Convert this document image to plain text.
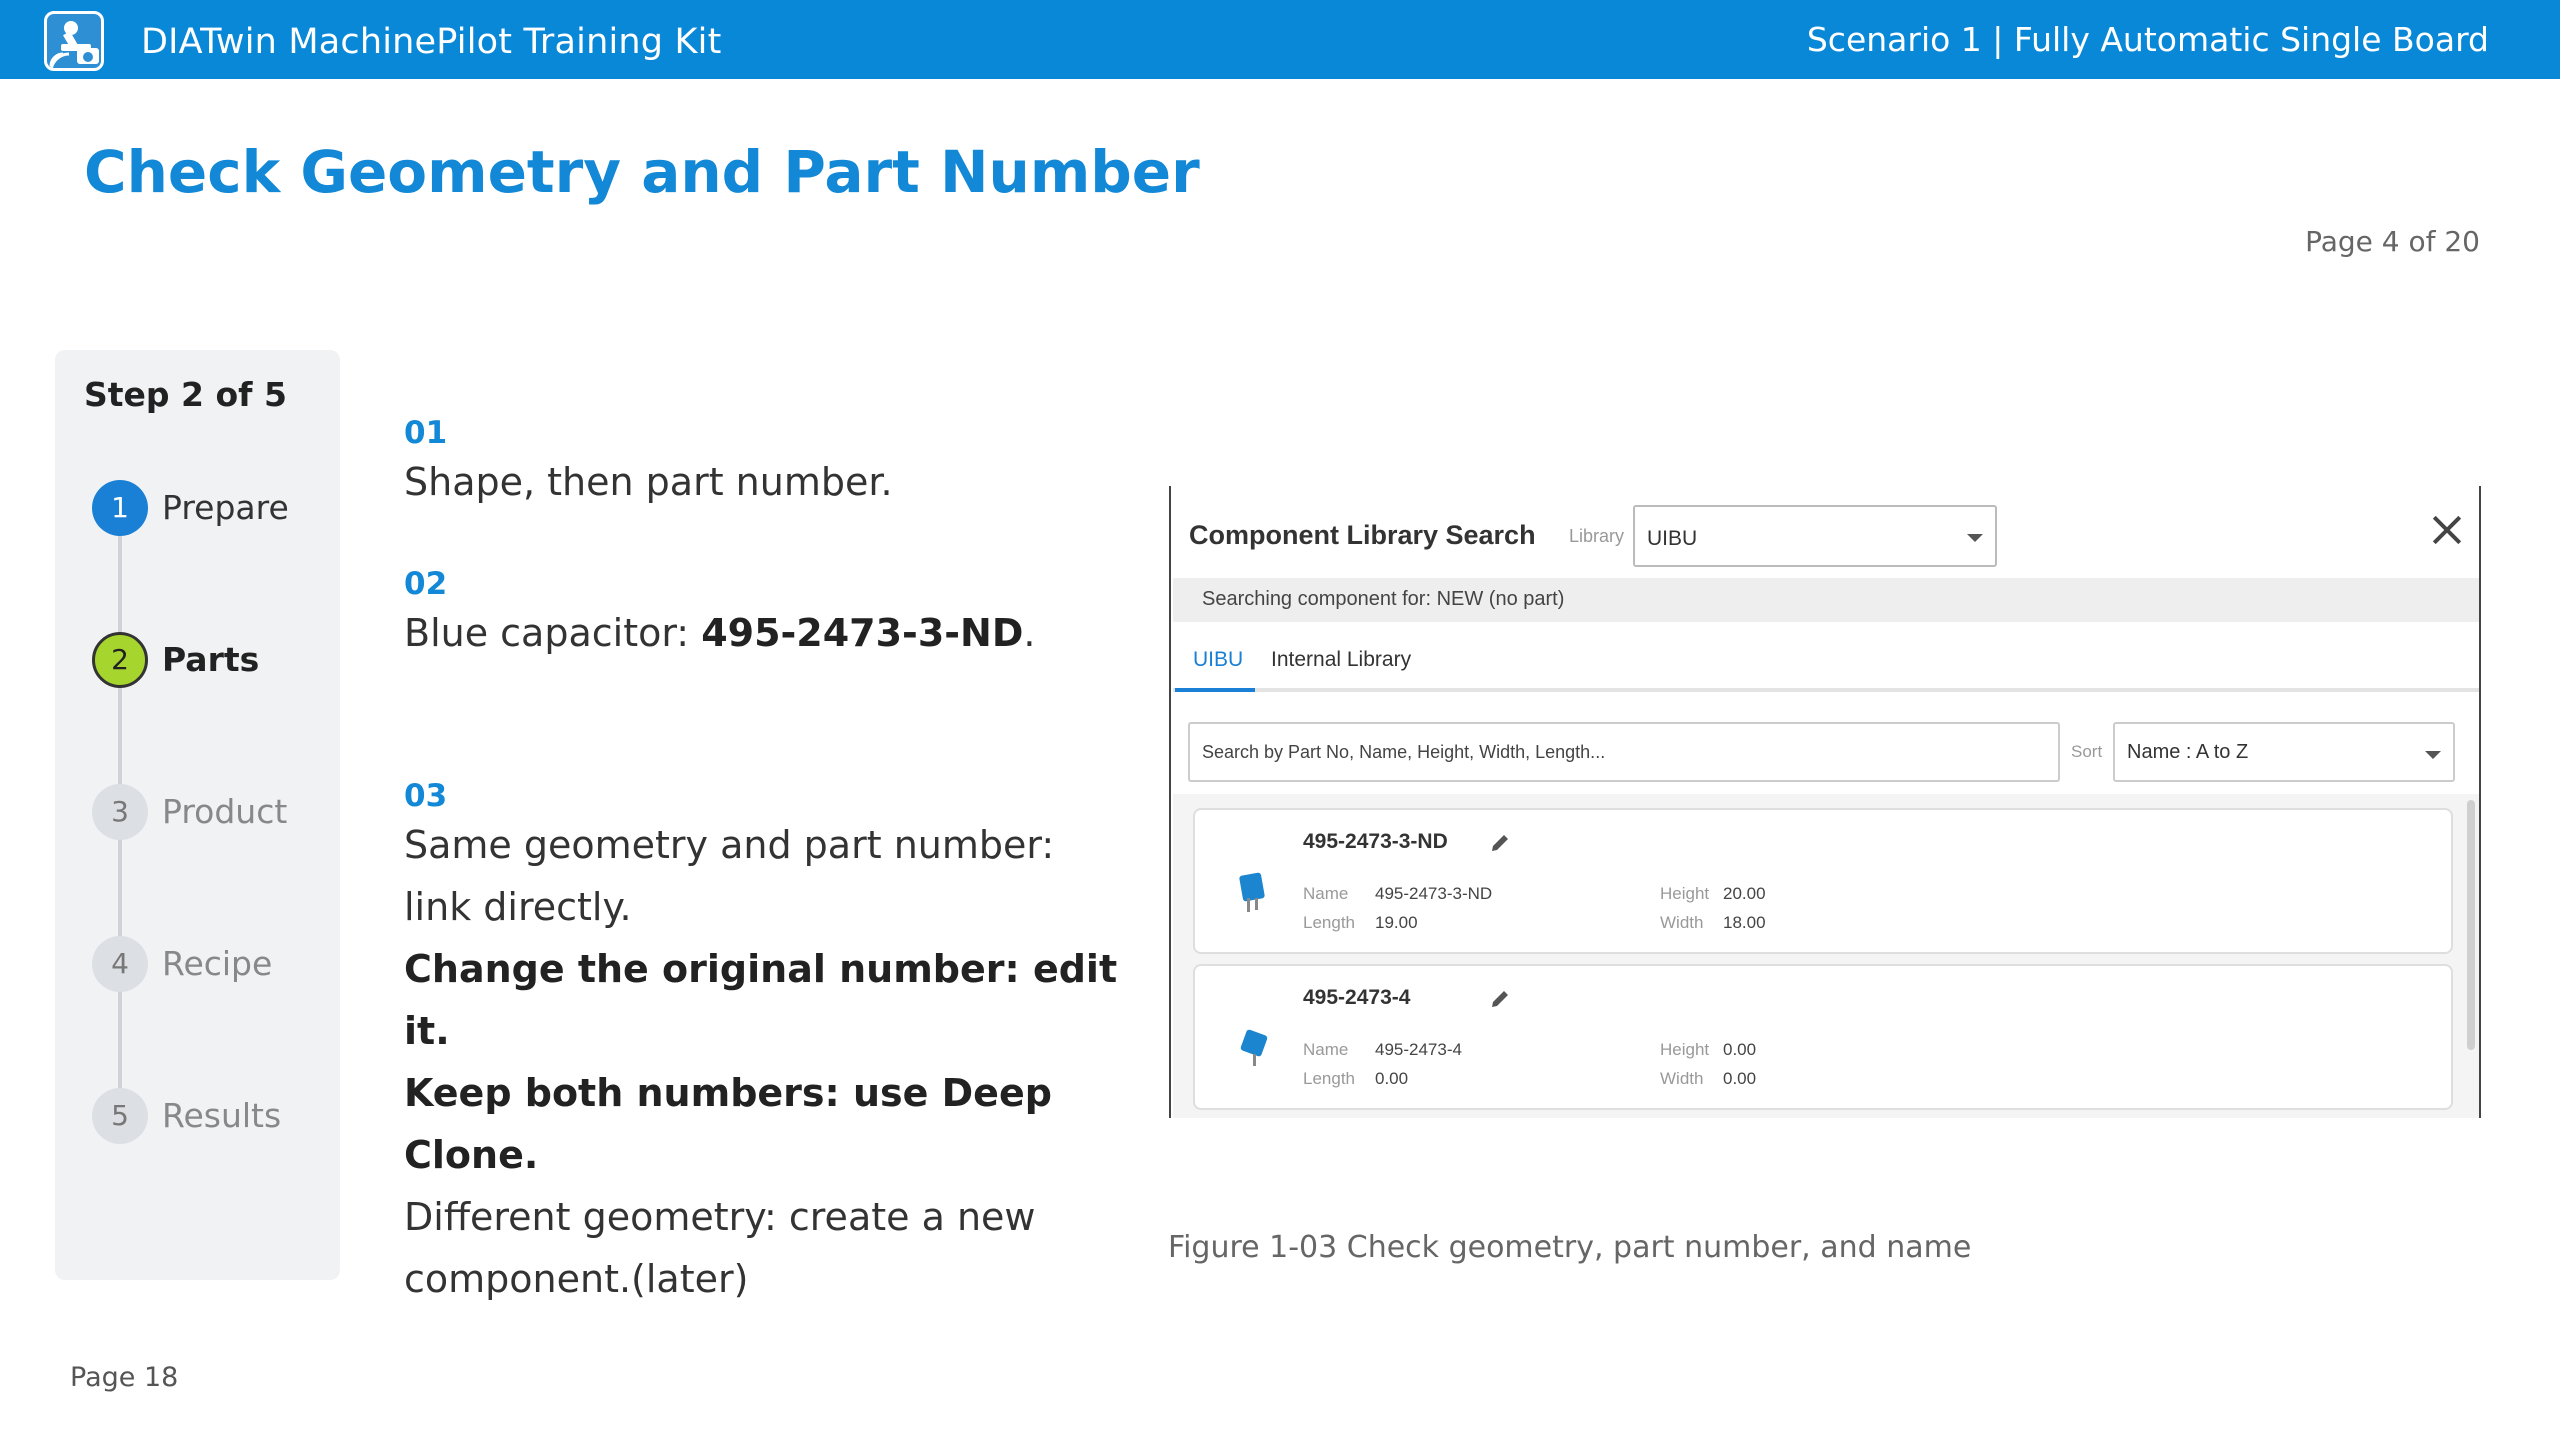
DIATwin MachinePilot Training Kit	Scenario 1 | Fully Automatic Single Board
Check Geometry and Part Number
Page 4 of 20
Step 2 of 5
1	Prepare
2	Parts
3	Product
4	Recipe
5	Results
01
Shape, then part number.
02
Blue capacitor: 495-2473-3-ND.
03
Same geometry and part number:
link directly.
Change the original number: edit it.
Keep both numbers: use Deep Clone.
Different geometry: create a new
component.(later)
Component Library Search Library	UIBU
Searching component for: NEW (no part)
UIBU Internal Library
Search by Part No, Name, Height, Width, Length...	Sort	Name : A to Z
495-2473-3-ND
Name 495-2473-3-ND
Length 19.00
Height 20.00
Width 18.00
495-2473-4
Name 495-2473-4
Length 0.00
Height 0.00
Width 0.00
Figure 1-03 Check geometry, part number, and name
Page 18
